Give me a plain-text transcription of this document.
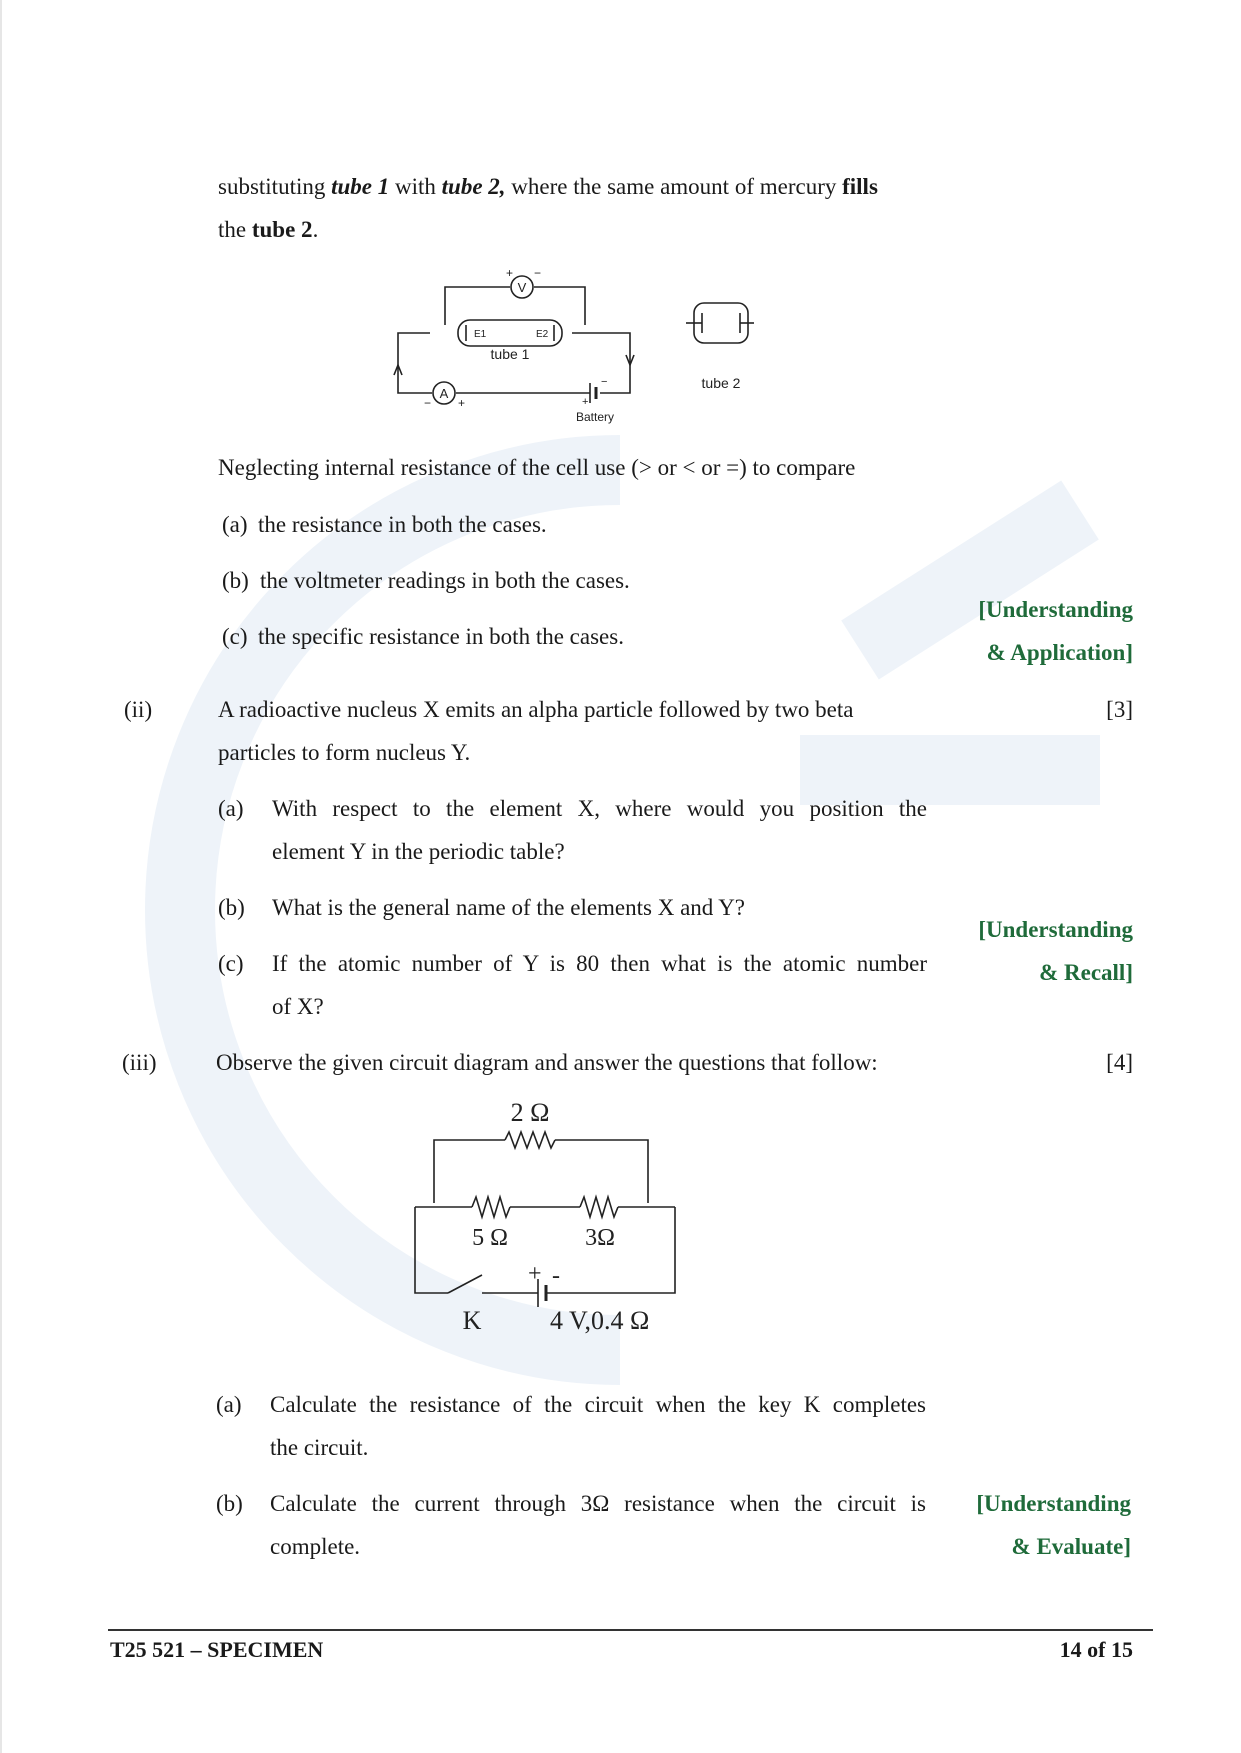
substituting tube 1 with tube 2, where the same amount of mercury fills
the tube 2.
V
+ −
A
− +
E1	E2
tube 1
+
−
Battery
tube 2
Neglecting internal resistance of the cell use (> or < or =) to compare
(a) the resistance in both the cases.
(b) the voltmeter readings in both the cases.
(c) the specific resistance in both the cases.
[Understanding
& Application]
(ii)	A radioactive nucleus X emits an alpha particle followed by two beta
particles to form nucleus Y.
[3]
(a) With respect to the element X, where would you position the
element Y in the periodic table?
(b) What is the general name of the elements X and Y?
(c) If the atomic number of Y is 80 then what is the atomic number
of X?
[Understanding
& Recall]
(iii)	Observe the given circuit diagram and answer the questions that follow:	[4]
2 Ω
5 Ω	3Ω
+ -
K	4 V,0.4 Ω
(a) Calculate the resistance of the circuit when the key K completes
the circuit.
(b) Calculate the current through 3Ω resistance when the circuit is
complete.
[Understanding
& Evaluate]
T25 521 – SPECIMEN	14 of 15
